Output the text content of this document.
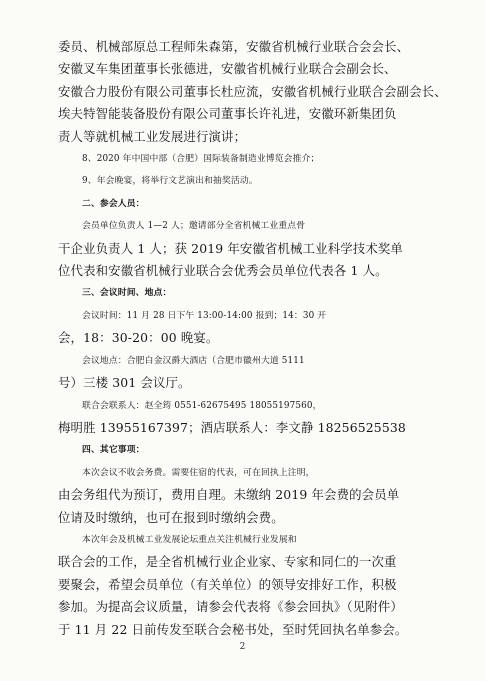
委员、机械部原总工程师朱森第，安徽省机械行业联合会会长、
安徽叉车集团董事长张德进，安徽省机械行业联合会副会长、
安徽合力股份有限公司董事长杜应流，安徽省机械行业联合会副会长、
埃夫特智能装备股份有限公司董事长许礼进，安徽环新集团负
责人等就机械工业发展进行演讲；
8、2020 年中国中部（合肥）国际装备制造业博览会推介；
9、年会晚宴，将举行文艺演出和抽奖活动。
二、参会人员：
会员单位负责人 1—2 人；邀请部分全省机械工业重点骨
干企业负责人 1 人；获 2019 年安徽省机械工业科学技术奖单
位代表和安徽省机械行业联合会优秀会员单位代表各 1 人。
三、会议时间、地点：
会议时间：11 月 28 日下午 13:00-14:00 报到；14：30 开
会，18：30-20：00 晚宴。
会议地点：合肥白金汉爵大酒店（合肥市徽州大道 5111
号）三楼 301 会议厅。
联合会联系人：赵全筠 0551-62675495 18055197560，
梅明胜 13955167397；酒店联系人：李文静 18256525538
四、其它事项：
本次会议不收会务费。需要住宿的代表，可在回执上注明，
由会务组代为预订，费用自理。未缴纳 2019 年会费的会员单
位请及时缴纳，也可在报到时缴纳会费。
本次年会及机械工业发展论坛重点关注机械行业发展和
联合会的工作，是全省机械行业企业家、专家和同仁的一次重
要聚会，希望会员单位（有关单位）的领导安排好工作，积极
参加。为提高会议质量，请参会代表将《参会回执》（见附件）
于 11 月 22 日前传发至联合会秘书处，至时凭回执名单参会。
2
